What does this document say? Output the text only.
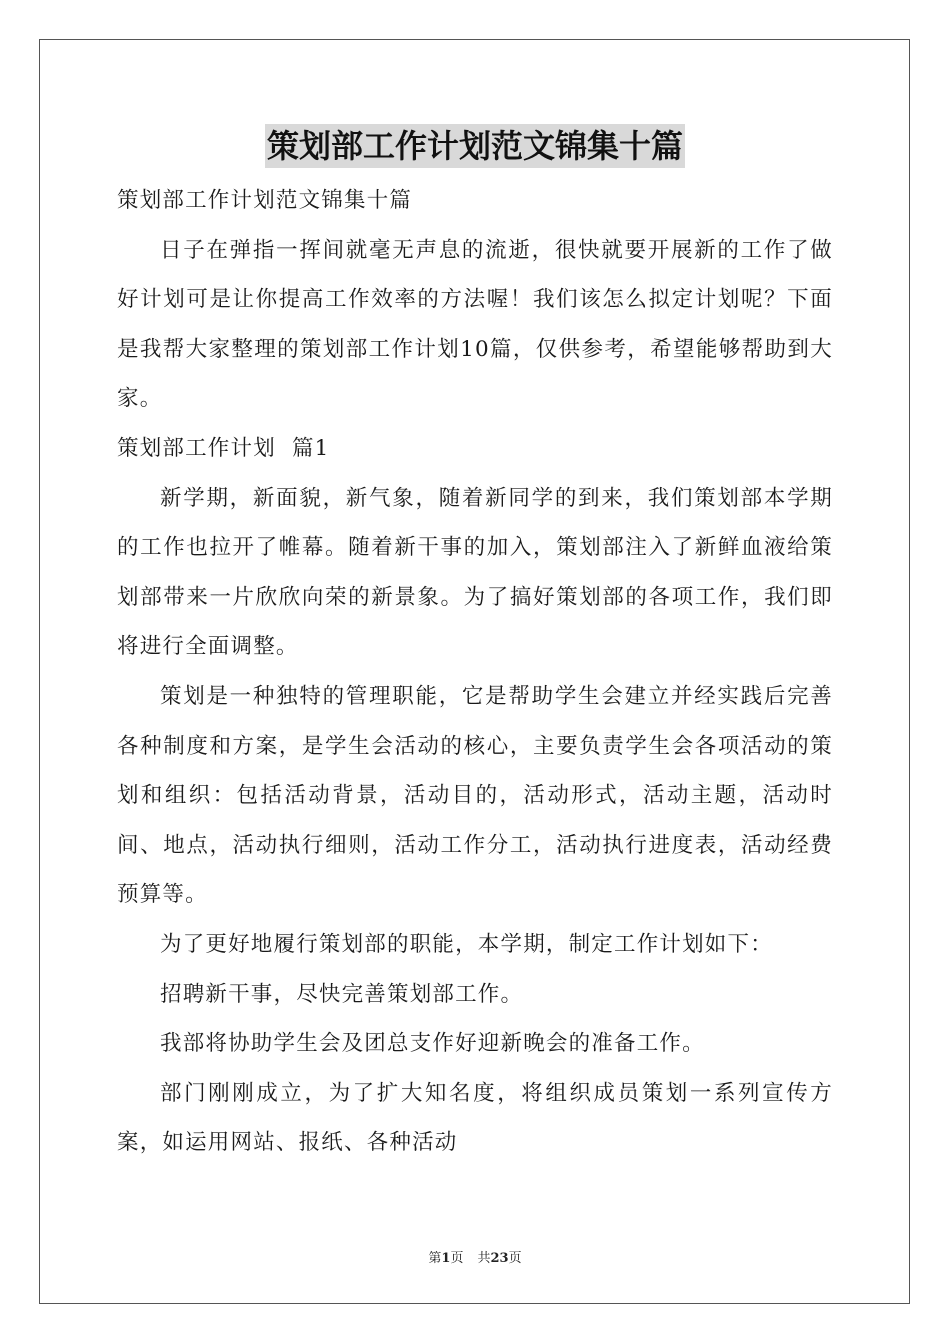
策划部工作计划范文锦集十篇

策划部工作计划范文锦集十篇

日子在弹指一挥间就毫无声息的流逝，很快就要开展新的工作了做好计划可是让你提高工作效率的方法喔！我们该怎么拟定计划呢？下面是我帮大家整理的策划部工作计划10篇，仅供参考，希望能够帮助到大家。

策划部工作计划  篇1

新学期，新面貌，新气象，随着新同学的到来，我们策划部本学期的工作也拉开了帷幕。随着新干事的加入，策划部注入了新鲜血液给策划部带来一片欣欣向荣的新景象。为了搞好策划部的各项工作，我们即将进行全面调整。

策划是一种独特的管理职能，它是帮助学生会建立并经实践后完善各种制度和方案，是学生会活动的核心，主要负责学生会各项活动的策划和组织：包括活动背景，活动目的，活动形式，活动主题，活动时间、地点，活动执行细则，活动工作分工，活动执行进度表，活动经费预算等。

为了更好地履行策划部的职能，本学期，制定工作计划如下：

招聘新干事，尽快完善策划部工作。

我部将协助学生会及团总支作好迎新晚会的准备工作。

部门刚刚成立，为了扩大知名度，将组织成员策划一系列宣传方案，如运用网站、报纸、各种活动

第1页 共23页
